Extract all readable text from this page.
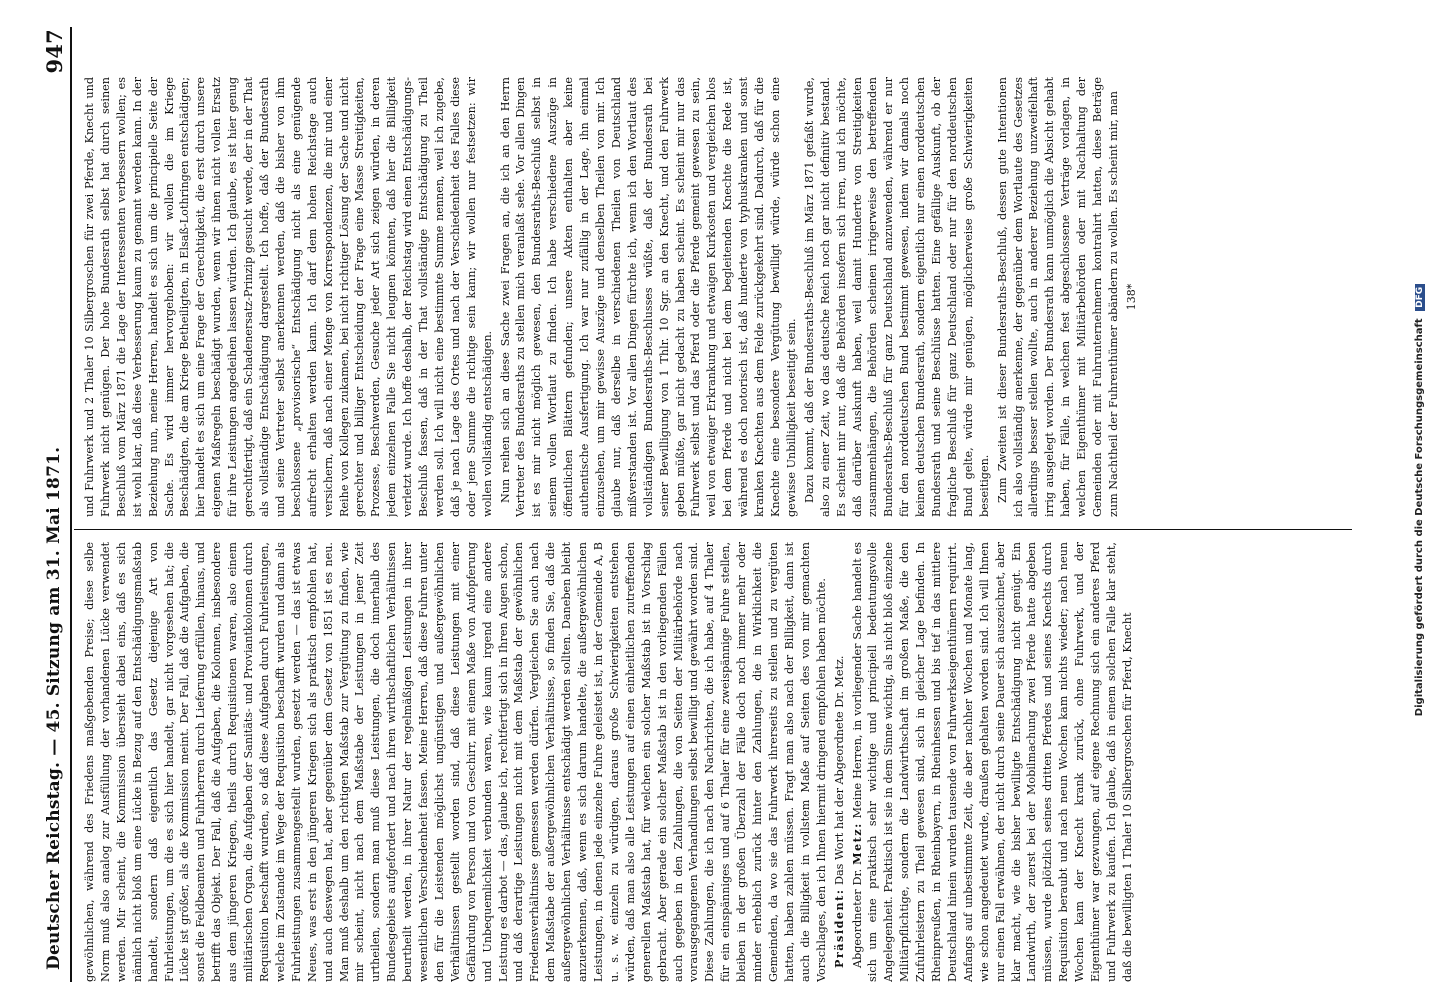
Deutscher Reichstag. — 45. Sitzung am 31. Mai 1871.
947

gewöhnlichen, während des Friedens maßgebenden Preise; diese selbe Norm muß also analog zur Ausfüllung der vorhandenen Lücke verwendet werden. Mir scheint, die Kommission übersieht dabei eins, daß es sich nämlich nicht bloß um eine Lücke in Bezug auf den Entschädigungsmaßstab handelt, sondern daß eigentlich das Gesetz diejenige Art von Fuhrleistungen, um die es sich hier handelt, gar nicht vorgesehen hat; die Lücke ist größer, als die Kommission meint. Der Fall, daß die Aufgaben, die sonst die Feldbeamten und Fuhrherren durch Lieferung erfüllen, hinaus, und betrifft das Objekt. Der Fall, daß die Aufgaben, die Kolonnen, insbesondere aus dem jüngeren Kriegen, theils durch Requisitionen waren, also einem militärischen Organ, die Aufgaben der Sanitäts- und Proviantkolonnen durch Requisition beschafft wurden, so daß diese Aufgaben durch Fuhrleistungen, welche im Zustande im Wege der Requisition beschafft wurden und dann als Fuhrleistungen zusammengestellt wurden, gesetzt werden — das ist etwas Neues, was erst in den jüngeren Kriegen sich als praktisch empfohlen hat, und auch deswegen hat, aber gegenüber dem Gesetz von 1851 ist es neu. Man muß deshalb um den richtigen Maßstab zur Vergütung zu finden, wie mir scheint, nicht nach dem Maßstabe der Leistungen in jener Zeit urtheilen, sondern man muß diese Leistungen, die doch innerhalb des Bundesgebiets aufgefordert und nach ihren wirthschaftlichen Verhältnissen beurtheilt werden, in ihrer Natur der regelmäßigen Leistungen in ihrer wesentlichen Verschiedenheit fassen. Meine Herren, daß diese Fuhren unter den für die Leistenden möglichst ungünstigen und außergewöhnlichen Verhältnissen gestellt worden sind, daß diese Leistungen mit einer Gefährdung von Person und von Geschirr, mit einem Maße von Aufopferung und Unbequemlichkeit verbunden waren, wie kaum irgend eine andere Leistung es darbot — das, glaube ich, rechtfertigt sich in Ihren Augen schon, und daß derartige Leistungen nicht mit dem Maßstab der gewöhnlichen Friedensverhältnisse gemessen werden dürfen. Vergleichen Sie auch nach dem Maßstabe der außergewöhnlichen Verhältnisse, so finden Sie, daß die außergewöhnlichen Verhältnisse entschädigt werden sollten. Daneben bleibt anzuerkennen, daß, wenn es sich darum handelte, die außergewöhnlichen Leistungen, in denen jede einzelne Fuhre geleistet ist, in der Gemeinde A, B u. s. w. einzeln zu würdigen, daraus große Schwierigkeiten entstehen würden, daß man also alle Leistungen auf einen einheitlichen zutreffenden generellen Maßstab hat, für welchen ein solcher Maßstab ist in Vorschlag gebracht. Aber gerade ein solcher Maßstab ist in den vorliegenden Fällen auch gegeben in den Zahlungen, die von Seiten der Militärbehörde nach vorausgegangenen Verhandlungen selbst bewilligt und gewährt worden sind. Diese Zahlungen, die ich nach den Nachrichten, die ich habe, auf 4 Thaler für ein einspänniges und auf 6 Thaler für eine zweispännige Fuhre stellen, bleiben in der großen Überzahl der Fälle doch noch immer mehr oder minder erheblich zurück hinter den Zahlungen, die in Wirklichkeit die Gemeinden, da wo sie das Fuhrwerk ihrerseits zu stellen und zu vergüten hatten, haben zahlen müssen. Fragt man also nach der Billigkeit, dann ist auch die Billigkeit in vollstem Maße auf Seiten des von mir gemachten Vorschlages, den ich Ihnen hiermit dringend empfohlen haben möchte. Präsident: Das Wort hat der Abgeordnete Dr. Metz.

Abgeordneter Dr. Metz: Meine Herren, in vorliegender Sache handelt es sich um eine praktisch sehr wichtige und principiell bedeutungsvolle Angelegenheit. Praktisch ist sie in dem Sinne wichtig, als nicht bloß einzelne Militärpflichtige, sondern die Landwirthschaft im großen Maße, die den Zufuhrleistern zu Theil gewesen sind, sich in gleicher Lage befinden. In Rheinpreußen, in Rheinbayern, in Rheinhessen und bis tief in das mittlere Deutschland hinein wurden tausende von Fuhrwerkseigenthümern requirirt. Anfangs auf unbestimmte Zeit, die aber nachher Wochen und Monate lang, wie schon angedeutet wurde, draußen gehalten worden sind. Ich will Ihnen nur einen Fall erwähnen, der nicht durch seine Dauer sich auszeichnet, aber klar macht, wie die bisher bewilligte Entschädigung nicht genügt. Ein Landwirth, der zuerst bei der Mobilmachung zwei Pferde hatte abgeben müssen, wurde plötzlich seines dritten Pferdes und seines Knechts durch Requisition beraubt und nach neun Wochen kam nichts wieder; nach neun Wochen kam der Knecht krank zurück, ohne Fuhrwerk, und der Eigenthümer war gezwungen, auf eigene Rechnung sich ein anderes Pferd und Fuhrwerk zu kaufen. Ich glaube, daß in einem solchen Falle klar steht, daß die bewilligten 1 Thaler 10 Silbergroschen für Pferd, Knecht

und Fuhrwerk und 2 Thaler 10 Silbergroschen für zwei Pferde, Knecht und Fuhrwerk nicht genügen. Der hohe Bundesrath selbst hat durch seinen Beschluß vom März 1871 die Lage der Interessenten verbessern wollen; es ist wohl klar, daß diese Verbesserung kaum zu genannt werden kann. In der Beziehung nun, meine Herren, handelt es sich um die principielle Seite der Sache. Es wird immer hervorgehoben: wir wollen die im Kriege Beschädigten, die am Kriege Betheiligten, in Elsaß-Lothringen entschädigen; hier handelt es sich um eine Frage der Gerechtigkeit, die erst durch unsere eigenen Maßregeln beschädigt wurden, wenn wir ihnen nicht vollen Ersatz für ihre Leistungen angedeihen lassen würden. Ich glaube, es ist hier genug gerechtfertigt, daß ein Schadenersatz-Prinzip gesucht werde, der in der That als vollständige Entschädigung dargestellt. Ich hoffe, daß der Bundesrath und seine Vertreter selbst anerkennen werden, daß die bisher von ihm beschlossene „provisorische“ Entschädigung nicht als eine genügende aufrecht erhalten werden kann. Ich darf dem hohen Reichstage auch versichern, daß nach einer Menge von Korrespondenzen, die mir und einer Reihe von Kollegen zukamen, bei nicht richtiger Lösung der Sache und nicht gerechter und billiger Entscheidung der Frage eine Masse Streitigkeiten, Prozesse, Beschwerden, Gesuche jeder Art sich zeigen würden, in deren jedem einzelnen Falle Sie nicht leugnen könnten, daß hier die Billigkeit verletzt wurde. Ich hoffe deshalb, der Reichstag wird einen Entschädigungs-Beschluß fassen, daß in der That vollständige Entschädigung zu Theil werden soll. Ich will nicht eine bestimmte Summe nennen, weil ich zugebe, daß je nach Lage des Ortes und nach der Verschiedenheit des Falles diese oder jene Summe die richtige sein kann; wir wollen nur festsetzen: wir wollen vollständig entschädigen. Nun reihen sich an diese Sache zwei Fragen an, die ich an den Herrn Vertreter des Bundesraths zu stellen mich veranlaßt sehe. Vor allen Dingen ist es mir nicht möglich gewesen, den Bundesraths-Beschluß selbst in seinem vollen Wortlaut zu finden. Ich habe verschiedene Auszüge in öffentlichen Blättern gefunden; unsere Akten enthalten aber keine authentische Ausfertigung. Ich war nur zufällig in der Lage, ihn einmal einzusehen, um mir gewisse Auszüge und denselben Theilen von mir. Ich glaube nur, daß derselbe in verschiedenen Theilen von Deutschland mißverstanden ist. Vor allen Dingen fürchte ich, wenn ich den Wortlaut des vollständigen Bundesraths-Beschlusses wüßte, daß der Bundesrath bei seiner Bewilligung von 1 Thlr. 10 Sgr. an den Knecht, und den Fuhrwerk geben müßte, gar nicht gedacht zu haben scheint. Es scheint mir nur das Fuhrwerk selbst und das Pferd oder die Pferde gemeint gewesen zu sein, weil von etwaiger Erkrankung und etwaigen Kurkosten und vergleichen blos bei dem Pferde und nicht bei dem begleitenden Knechte die Rede ist, während es doch notorisch ist, daß hunderte von typhuskranken und sonst kranken Knechten aus dem Felde zurückgekehrt sind. Dadurch, daß für die Knechte eine besondere Vergütung bewilligt würde, würde schon eine gewisse Unbilligkeit beseitigt sein. Dazu kommt, daß der Bundesraths-Beschluß im März 1871 gefaßt wurde, also zu einer Zeit, wo das deutsche Reich noch gar nicht definitiv bestand. Es scheint mir nur, daß die Behörden insofern sich irren, und ich möchte, daß darüber Auskunft haben, weil damit Hunderte von Streitigkeiten zusammenhängen, die Behörden scheinen irrigerweise den betreffenden Bundesraths-Beschluß für ganz Deutschland anzuwenden, während er nur für den norddeutschen Bund bestimmt gewesen, indem wir damals noch keinen deutschen Bundesrath, sondern eigentlich nur einen norddeutschen Bundesrath und seine Beschlüsse hatten. Eine gefällige Auskunft, ob der fragliche Beschluß für ganz Deutschland oder nur für den norddeutschen Bund gelte, würde mir genügen, möglicherweise große Schwierigkeiten beseitigen. Zum Zweiten ist dieser Bundesraths-Beschluß, dessen gute Intentionen ich also vollständig anerkenne, der gegenüber dem Wortlaute des Gesetzes allerdings besser stellen wollte, auch in anderer Beziehung unzweifelhaft irrig ausgelegt worden. Der Bundesrath kann unmöglich die Absicht gehabt haben, für Fälle, in welchen fest abgeschlossene Verträge vorlagen, in welchen Eigenthümer mit Militärbehörden oder mit Nachhaltung der Gemeinden oder mit Fuhrunternehmern kontrahirt hatten, diese Beträge zum Nachtheil der Fuhrenthümer abändern zu wollen. Es scheint mir, man 138*
Digitalisierung gefördert durch die Deutsche Forschungsgemeinschaft DFG
